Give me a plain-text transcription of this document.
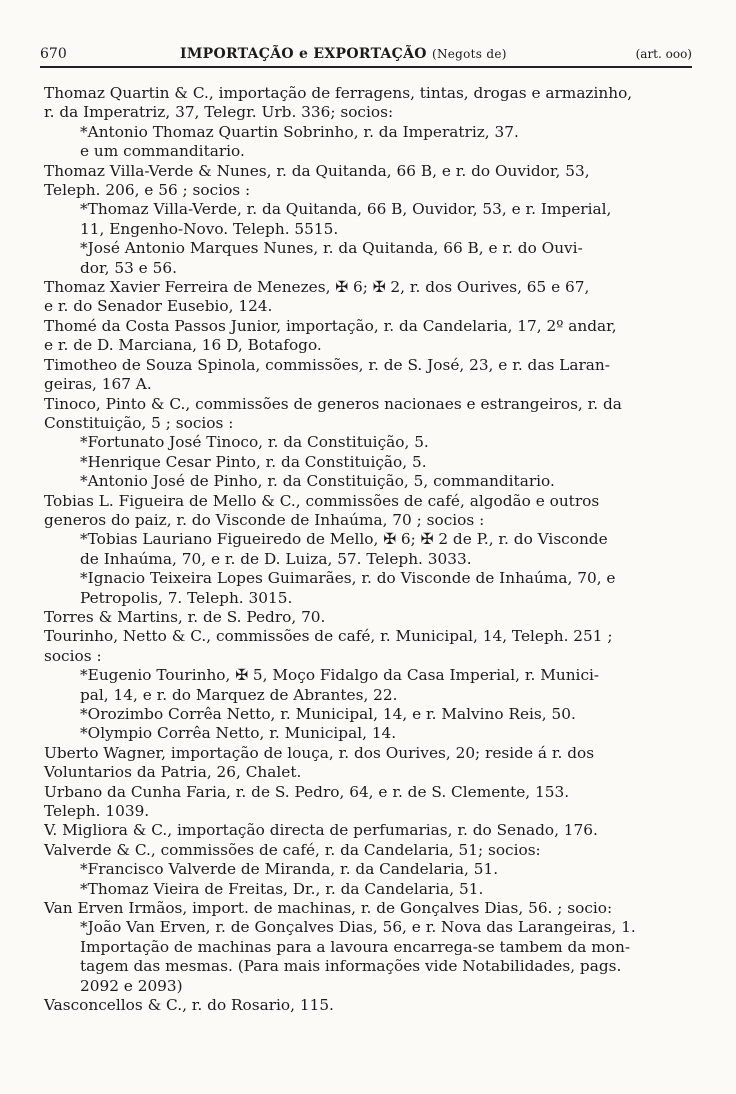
670	IMPORTAÇÃO e EXPORTAÇÃO (Negots de)	(art. ooo)

Thomaz Quartin & C., importação de ferragens, tintas, drogas e armazinho,
r. da Imperatriz, 37, Telegr. Urb. 336; socios:

*Antonio Thomaz Quartin Sobrinho, r. da Imperatriz, 37.
e um commanditario.

Thomaz Villa-Verde & Nunes, r. da Quitanda, 66 B, e r. do Ouvidor, 53,
Teleph. 206, e 56 ; socios :

*Thomaz Villa-Verde, r. da Quitanda, 66 B, Ouvidor, 53, e r. Imperial,
11, Engenho-Novo. Teleph. 5515.

*José Antonio Marques Nunes, r. da Quitanda, 66 B, e r. do Ouvi-
dor, 53 e 56.

Thomaz Xavier Ferreira de Menezes, ✠ 6; ✠ 2, r. dos Ourives, 65 e 67,
e r. do Senador Eusebio, 124.

Thomé da Costa Passos Junior, importação, r. da Candelaria, 17, 2º andar,
e r. de D. Marciana, 16 D, Botafogo.

Timotheo de Souza Spinola, commissões, r. de S. José, 23, e r. das Laran-
geiras, 167 A.

Tinoco, Pinto & C., commissões de generos nacionaes e estrangeiros, r. da
Constituição, 5 ; socios :

*Fortunato José Tinoco, r. da Constituição, 5.

*Henrique Cesar Pinto, r. da Constituição, 5.

*Antonio José de Pinho, r. da Constituição, 5, commanditario.

Tobias L. Figueira de Mello & C., commissões de café, algodão e outros
generos do paiz, r. do Visconde de Inhaúma, 70 ; socios :

*Tobias Lauriano Figueiredo de Mello, ✠ 6; ✠ 2 de P., r. do Visconde
de Inhaúma, 70, e r. de D. Luiza, 57. Teleph. 3033.

*Ignacio Teixeira Lopes Guimarães, r. do Visconde de Inhaúma, 70, e
Petropolis, 7. Teleph. 3015.

Torres & Martins, r. de S. Pedro, 70.

Tourinho, Netto & C., commissões de café, r. Municipal, 14, Teleph. 251 ;
socios :

*Eugenio Tourinho, ✠ 5, Moço Fidalgo da Casa Imperial, r. Munici-
pal, 14, e r. do Marquez de Abrantes, 22.

*Orozimbo Corrêa Netto, r. Municipal, 14, e r. Malvino Reis, 50.

*Olympio Corrêa Netto, r. Municipal, 14.

Uberto Wagner, importação de louça, r. dos Ourives, 20; reside á r. dos
Voluntarios da Patria, 26, Chalet.

Urbano da Cunha Faria, r. de S. Pedro, 64, e r. de S. Clemente, 153.
Teleph. 1039.

V. Migliora & C., importação directa de perfumarias, r. do Senado, 176.

Valverde & C., commissões de café, r. da Candelaria, 51; socios:

*Francisco Valverde de Miranda, r. da Candelaria, 51.

*Thomaz Vieira de Freitas, Dr., r. da Candelaria, 51.

Van Erven Irmãos, import. de machinas, r. de Gonçalves Dias, 56. ; socio:

*João Van Erven, r. de Gonçalves Dias, 56, e r. Nova das Larangeiras, 1.
Importação de machinas para a lavoura encarrega-se tambem da mon-
tagem das mesmas. (Para mais informações vide Notabilidades, pags.
2092 e 2093)

Vasconcellos & C., r. do Rosario, 115.
